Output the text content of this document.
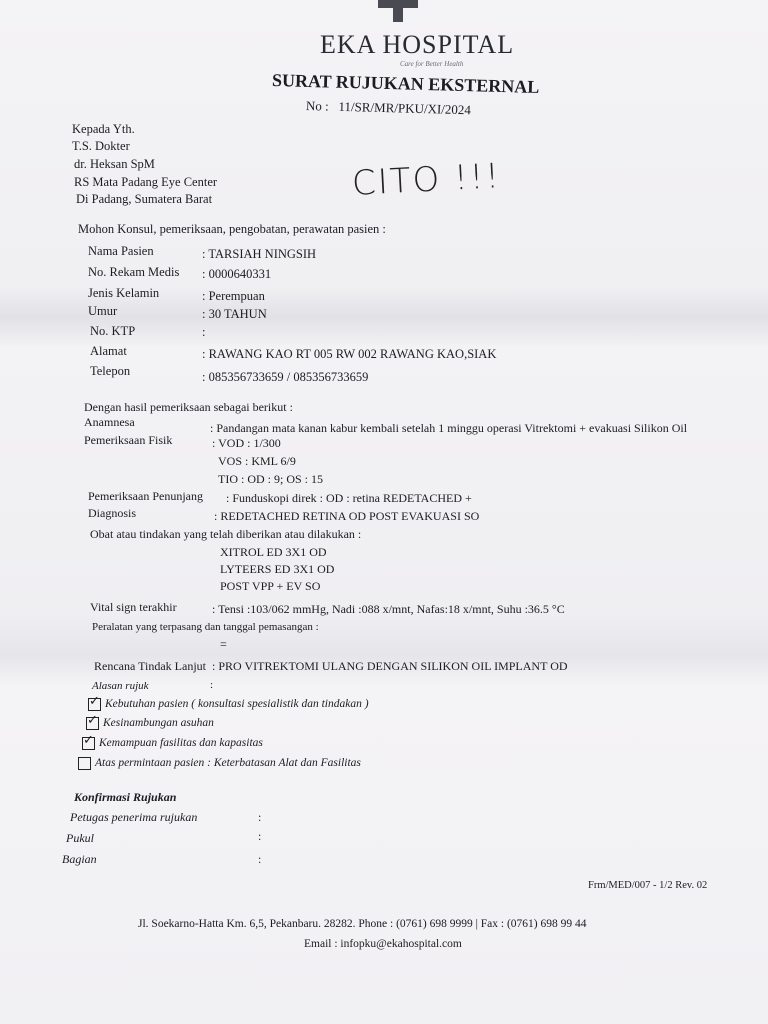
EKA HOSPITAL
Care for Better Health
SURAT RUJUKAN EKSTERNAL
No : 11/SR/MR/PKU/XI/2024
Kepada Yth.
T.S. Dokter
dr. Heksan SpM
RS Mata Padang Eye Center
Di Padang, Sumatera Barat	CITO !!!
Mohon Konsul, pemeriksaan, pengobatan, perawatan pasien :
Nama Pasien	: TARSIAH NINGSIH
No. Rekam Medis : 0000640331
Jenis Kelamin	: Perempuan
Umur	: 30 TAHUN
No. KTP	:
Alamat	: RAWANG KAO RT 005 RW 002 RAWANG KAO,SIAK
Telepon	: 085356733659 / 085356733659
Dengan hasil pemeriksaan sebagai berikut :
Anamnesa	: Pandangan mata kanan kabur kembali setelah 1 minggu operasi Vitrektomi + evakuasi Silikon Oil
Pemeriksaan Fisik	: VOD : 1/300
VOS : KML 6/9
TIO : OD : 9; OS : 15
Pemeriksaan Penunjang : Funduskopi direk : OD : retina REDETACHED +
Diagnosis	: REDETACHED RETINA OD POST EVAKUASI SO
Obat atau tindakan yang telah diberikan atau dilakukan :
XITROL ED 3X1 OD
LYTEERS ED 3X1 OD
POST VPP + EV SO
Vital sign terakhir	: Tensi :103/062 mmHg, Nadi :088 x/mnt, Nafas:18 x/mnt, Suhu :36.5 °C
Peralatan yang terpasang dan tanggal pemasangan :
=
Rencana Tindak Lanjut : PRO VITREKTOMI ULANG DENGAN SILIKON OIL IMPLANT OD
Alasan rujuk	:
✓Kebutuhan pasien ( konsultasi spesialistik dan tindakan )
✓Kesinambungan asuhan
✓Kemampuan fasilitas dan kapasitas
Atas permintaan pasien : Keterbatasan Alat dan Fasilitas
Konfirmasi Rujukan
Petugas penerima rujukan	:
Pukul	:
Bagian	:
Frm/MED/007 - 1/2 Rev. 02
Jl. Soekarno-Hatta Km. 6,5, Pekanbaru. 28282. Phone : (0761) 698 9999 | Fax : (0761) 698 99 44
Email : infopku@ekahospital.com
